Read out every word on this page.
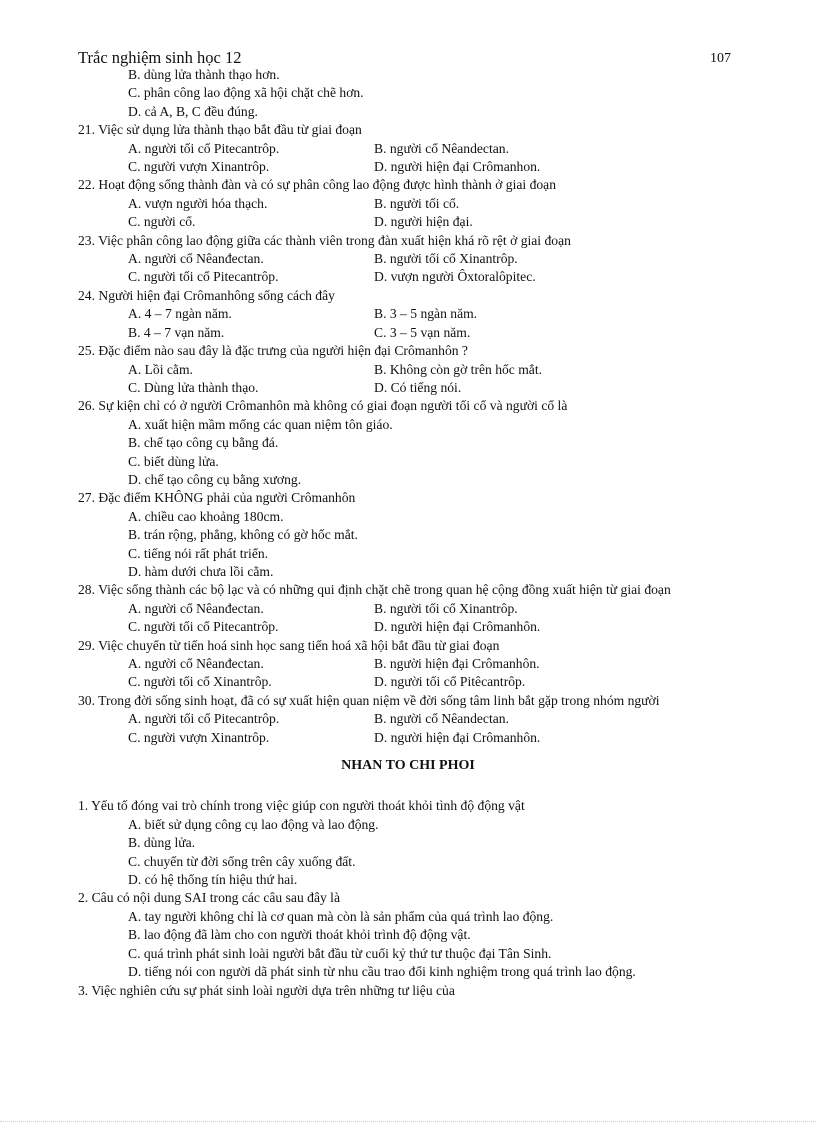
Trắc nghiệm sinh học 12	107
B. dùng lửa thành thạo hơn.
C. phân công lao động xã hội chặt chẽ hơn.
D. cả A, B, C đều đúng.
21. Việc sử dụng lửa thành thạo bắt đầu từ giai đoạn
A. người tối cổ Pitecantrôp.	B. người cổ Nêandectan.
C. người vượn Xinantrôp.	D. người hiện đại Crômanhon.
22. Hoạt động sống thành đàn và có sự phân công lao động được hình thành ở giai đoạn
A. vượn người hóa thạch.	B. người tối cổ.
C. người cổ.	D. người hiện đại.
23. Việc phân công lao động giữa các thành viên trong đàn xuất hiện khá rõ rệt ở giai đoạn
A. người cổ Nêanđectan.	B. người tối cổ Xinantrôp.
C. người tối cổ Pitecantrôp.	D. vượn người Ôxtoralôpitec.
24. Người hiện đại Crômanhông sống cách đây
A. 4 – 7 ngàn năm.	B. 3 – 5 ngàn năm.
B. 4 – 7 vạn năm.	C. 3 – 5 vạn năm.
25. Đặc điểm nào sau đây là đặc trưng của người hiện đại Crômanhôn ?
A. Lồi cằm.	B. Không còn gờ trên hốc mắt.
C. Dùng lửa thành thạo.	D. Có tiếng nói.
26. Sự kiện chỉ có ở người Crômanhôn mà không có giai đoạn người tối cổ và người cổ là
A. xuất hiện mầm mống các quan niệm tôn giáo.
B. chế tạo công cụ bằng đá.
C. biết dùng lửa.
D. chế tạo công cụ bằng xương.
27. Đặc điểm KHÔNG phải của người Crômanhôn
A. chiều cao khoảng 180cm.
B. trán rộng, phẳng, không có gờ hốc mắt.
C. tiếng nói rất phát triển.
D. hàm dưới chưa lồi cằm.
28. Việc sống thành các bộ lạc và có những qui định chặt chẽ trong quan hệ cộng đồng xuất hiện từ giai đoạn
A. người cổ Nêanđectan.	B. người tối cổ Xinantrôp.
C. người tối cổ Pitecantrôp.	D. người hiện đại Crômanhôn.
29. Việc chuyển từ tiến hoá sinh học sang tiến hoá xã hội bắt đầu từ giai đoạn
A. người cổ Nêanđectan.	B. người hiện đại Crômanhôn.
C. người tối cổ Xinantrôp.	D. người tối cổ Pitêcantrôp.
30. Trong đời sống sinh hoạt, đã có sự xuất hiện quan niệm về đời sống tâm linh bắt gặp trong nhóm người
A. người tối cổ Pitecantrôp.	B. người cổ Nêandectan.
C. người vượn Xinantrôp.	D. người hiện đại Crômanhôn.
NHAN TO CHI PHOI
1. Yếu tố đóng vai trò chính trong việc giúp con người thoát khỏi tình độ động vật
A. biết sử dụng công cụ lao động và lao động.
B. dùng lửa.
C. chuyển từ đời sống trên cây xuống đất.
D. có hệ thống tín hiệu thứ hai.
2. Câu có nội dung SAI trong các câu sau đây là
A. tay người không chỉ là cơ quan mà còn là sản phẩm của quá trình lao động.
B. lao động đã làm cho con người thoát khỏi trình độ động vật.
C. quá trình phát sinh loài người bắt đầu từ cuối kỷ thứ tư thuộc đại Tân Sinh.
D. tiếng nói con người dã phát sinh từ nhu cầu trao đổi kinh nghiệm trong quá trình lao động.
3. Việc nghiên cứu sự phát sinh loài người dựa trên những tư liệu của
